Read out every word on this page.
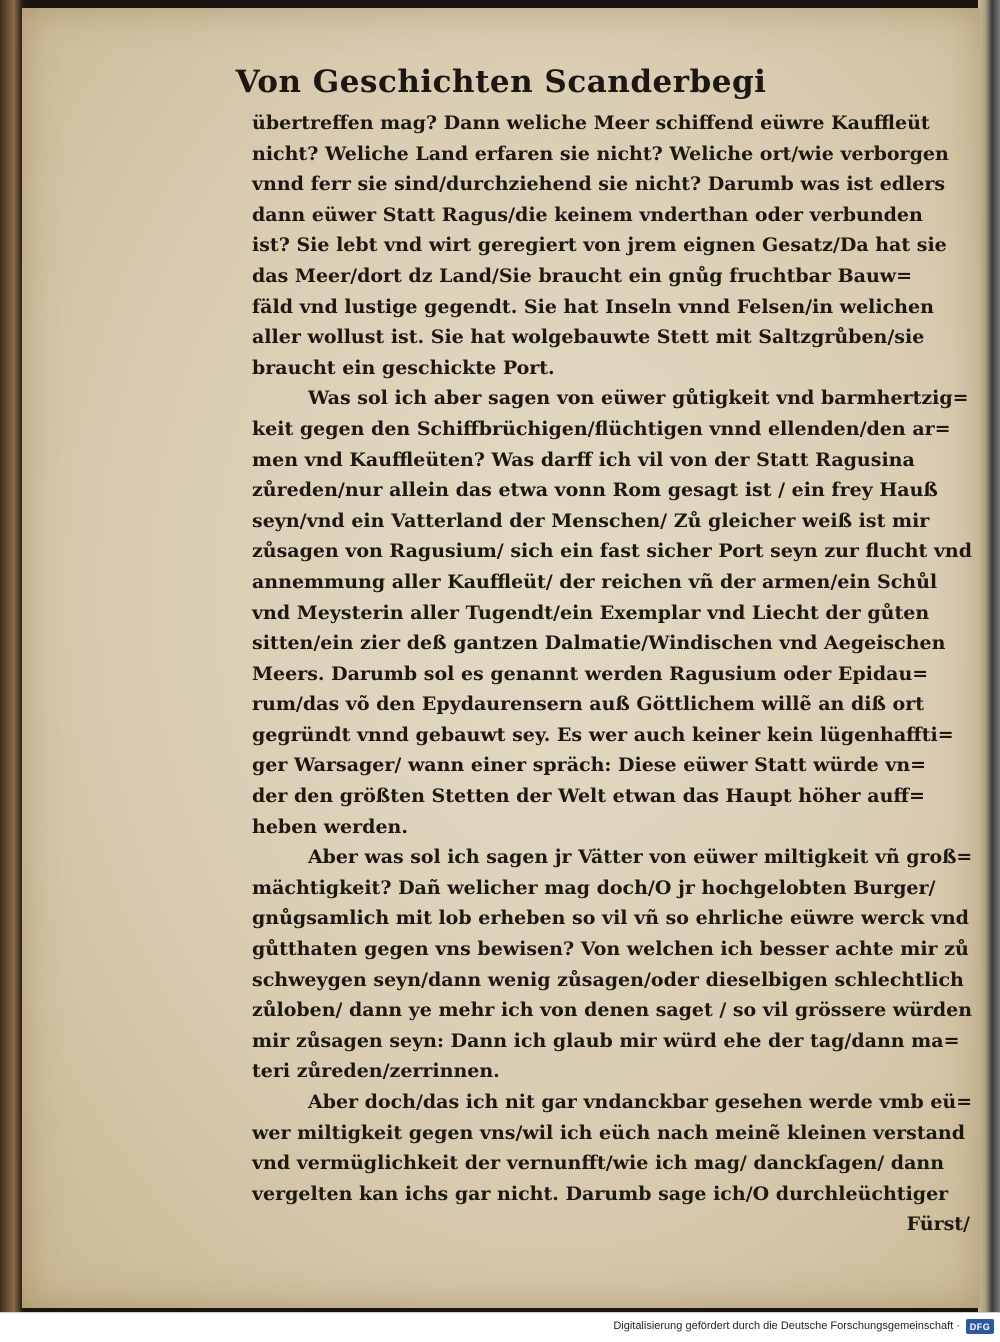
Von Geschichten Scanderbegi
übertreffen mag? Dann weliche Meer schiffend eüwre Kauffleüt
nicht? Weliche Land erfaren sie nicht? Weliche ort/wie verborgen
vnnd ferr sie sind/durchziehend sie nicht? Darumb was ist edlers
dann eüwer Statt Ragus/die keinem vnderthan oder verbunden
ist? Sie lebt vnd wirt geregiert von jrem eignen Gesatz/Da hat sie
das Meer/dort dz Land/Sie braucht ein gnůg fruchtbar Bauw=
fäld vnd lustige gegendt. Sie hat Inseln vnnd Felsen/in welichen
aller wollust ist. Sie hat wolgebauwte Stett mit Saltzgrůben/sie
braucht ein geschickte Port.
Was sol ich aber sagen von eüwer gůtigkeit vnd barmhertzig=
keit gegen den Schiffbrüchigen/flüchtigen vnnd ellenden/den ar=
men vnd Kauffleüten? Was darff ich vil von der Statt Ragusina
zůreden/nur allein das etwa vonn Rom gesagt ist / ein frey Hauß
seyn/vnd ein Vatterland der Menschen/ Zů gleicher weiß ist mir
zůsagen von Ragusium/ sich ein fast sicher Port seyn zur flucht vnd
annemmung aller Kauffleüt/ der reichen vñ der armen/ein Schůl
vnd Meysterin aller Tugendt/ein Exemplar vnd Liecht der gůten
sitten/ein zier deß gantzen Dalmatie/Windischen vnd Aegeischen
Meers. Darumb sol es genannt werden Ragusium oder Epidau=
rum/das võ den Epydaurensern auß Göttlichem willẽ an diß ort
gegründt vnnd gebauwt sey. Es wer auch keiner kein lügenhaffti=
ger Warsager/ wann einer spräch: Diese eüwer Statt würde vn=
der den größten Stetten der Welt etwan das Haupt höher auff=
heben werden.
Aber was sol ich sagen jr Vätter von eüwer miltigkeit vñ groß=
mächtigkeit? Dañ welicher mag doch/O jr hochgelobten Burger/
gnůgsamlich mit lob erheben so vil vñ so ehrliche eüwre werck vnd
gůtthaten gegen vns bewisen? Von welchen ich besser achte mir zů
schweygen seyn/dann wenig zůsagen/oder dieselbigen schlechtlich
zůloben/ dann ye mehr ich von denen saget / so vil grössere würden
mir zůsagen seyn: Dann ich glaub mir würd ehe der tag/dann ma=
teri zůreden/zerrinnen.
Aber doch/das ich nit gar vndanckbar gesehen werde vmb eü=
wer miltigkeit gegen vns/wil ich eüch nach meinẽ kleinen verstand
vnd vermüglichkeit der vernunfft/wie ich mag/ danckſagen/ dann
vergelten kan ichs gar nicht. Darumb sage ich/O durchleüchtiger
Fürst/
Digitalisierung gefördert durch die Deutsche Forschungsgemeinschaft ·	DFG
